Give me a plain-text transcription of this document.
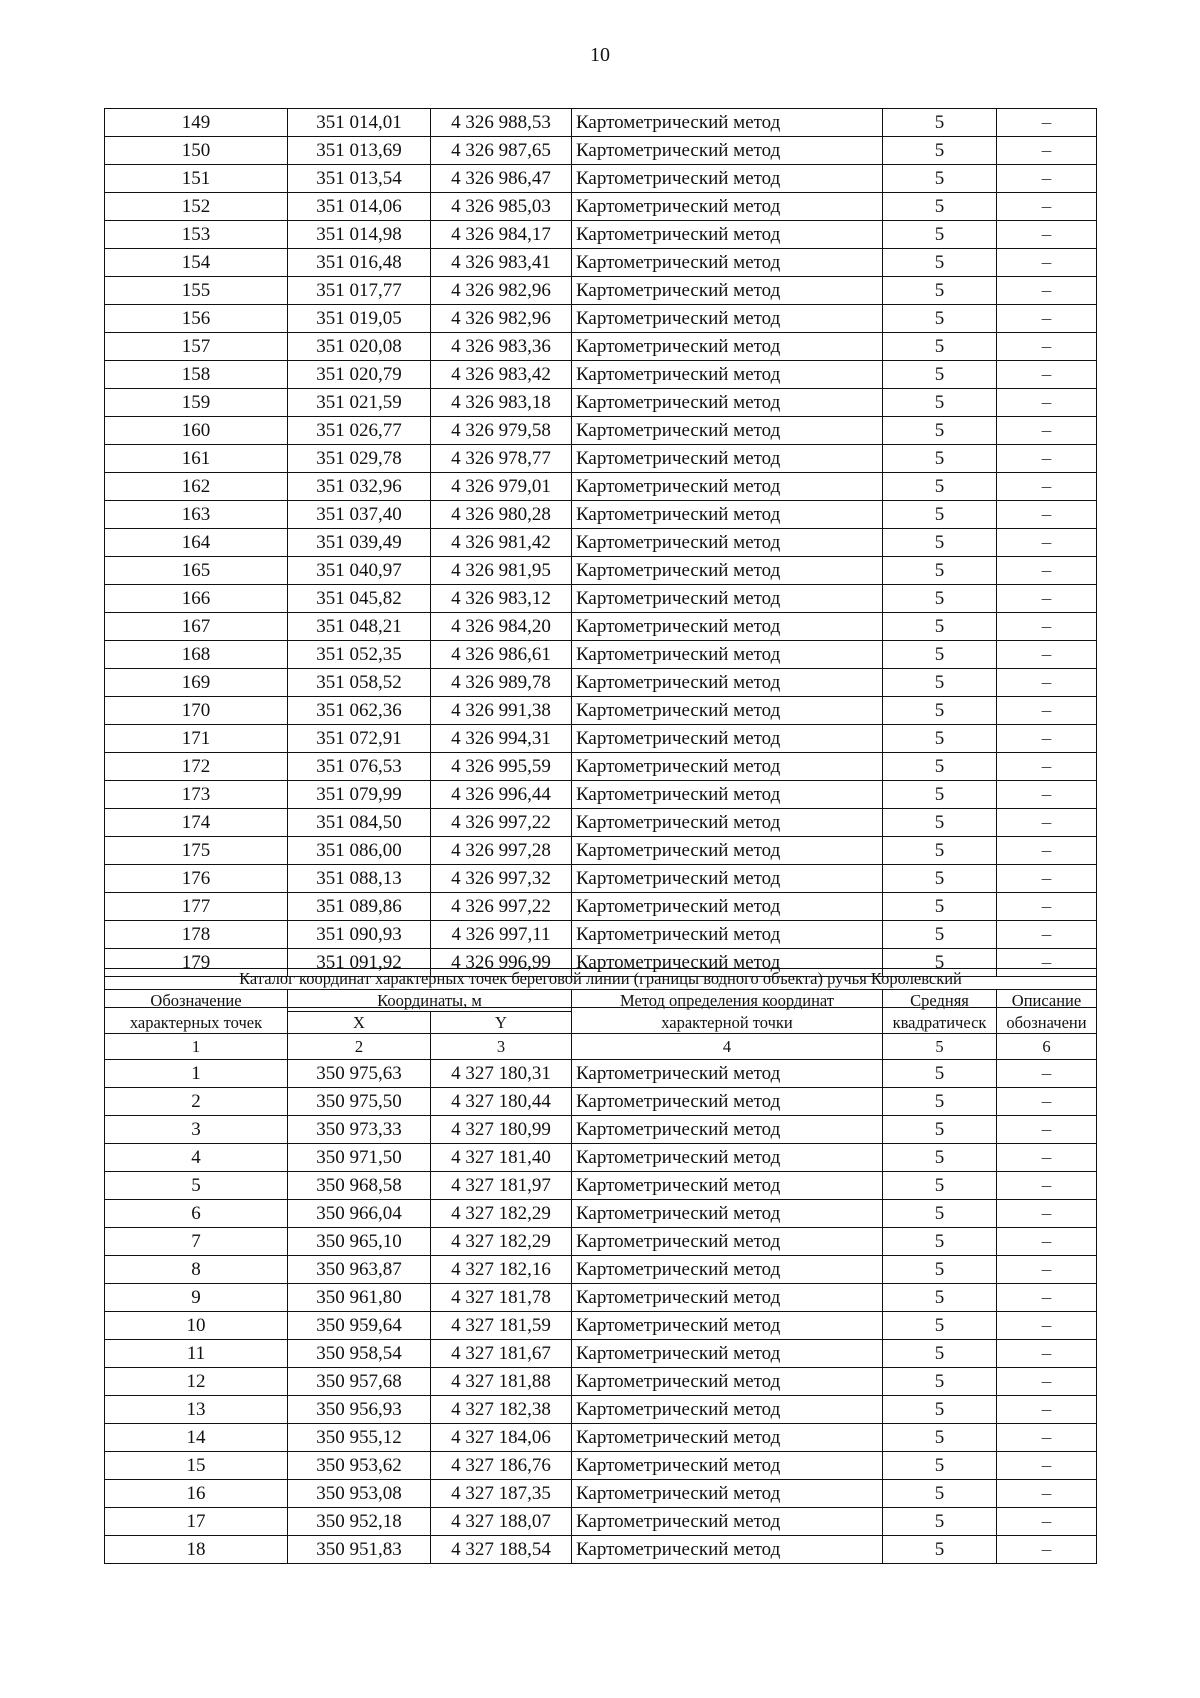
10
149	351 014,01	4 326 988,53	Картометрический метод	5	–
150	351 013,69	4 326 987,65	Картометрический метод	5	–
151	351 013,54	4 326 986,47	Картометрический метод	5	–
152	351 014,06	4 326 985,03	Картометрический метод	5	–
153	351 014,98	4 326 984,17	Картометрический метод	5	–
154	351 016,48	4 326 983,41	Картометрический метод	5	–
155	351 017,77	4 326 982,96	Картометрический метод	5	–
156	351 019,05	4 326 982,96	Картометрический метод	5	–
157	351 020,08	4 326 983,36	Картометрический метод	5	–
158	351 020,79	4 326 983,42	Картометрический метод	5	–
159	351 021,59	4 326 983,18	Картометрический метод	5	–
160	351 026,77	4 326 979,58	Картометрический метод	5	–
161	351 029,78	4 326 978,77	Картометрический метод	5	–
162	351 032,96	4 326 979,01	Картометрический метод	5	–
163	351 037,40	4 326 980,28	Картометрический метод	5	–
164	351 039,49	4 326 981,42	Картометрический метод	5	–
165	351 040,97	4 326 981,95	Картометрический метод	5	–
166	351 045,82	4 326 983,12	Картометрический метод	5	–
167	351 048,21	4 326 984,20	Картометрический метод	5	–
168	351 052,35	4 326 986,61	Картометрический метод	5	–
169	351 058,52	4 326 989,78	Картометрический метод	5	–
170	351 062,36	4 326 991,38	Картометрический метод	5	–
171	351 072,91	4 326 994,31	Картометрический метод	5	–
172	351 076,53	4 326 995,59	Картометрический метод	5	–
173	351 079,99	4 326 996,44	Картометрический метод	5	–
174	351 084,50	4 326 997,22	Картометрический метод	5	–
175	351 086,00	4 326 997,28	Картометрический метод	5	–
176	351 088,13	4 326 997,32	Картометрический метод	5	–
177	351 089,86	4 326 997,22	Картометрический метод	5	–
178	351 090,93	4 326 997,11	Картометрический метод	5	–
179	351 091,92	4 326 996,99	Картометрический метод	5	–

Каталог координат характерных точек береговой линии (границы водного объекта) ручья Королевский					
Обозначение	Координаты, м		Метод определения координат	Средняя	Описание
характерных точек	X	Y	характерной точки	квадратическ	обозначени
1	2	3	4	5	6
1	350 975,63	4 327 180,31	Картометрический метод	5	–
2	350 975,50	4 327 180,44	Картометрический метод	5	–
3	350 973,33	4 327 180,99	Картометрический метод	5	–
4	350 971,50	4 327 181,40	Картометрический метод	5	–
5	350 968,58	4 327 181,97	Картометрический метод	5	–
6	350 966,04	4 327 182,29	Картометрический метод	5	–
7	350 965,10	4 327 182,29	Картометрический метод	5	–
8	350 963,87	4 327 182,16	Картометрический метод	5	–
9	350 961,80	4 327 181,78	Картометрический метод	5	–
10	350 959,64	4 327 181,59	Картометрический метод	5	–
11	350 958,54	4 327 181,67	Картометрический метод	5	–
12	350 957,68	4 327 181,88	Картометрический метод	5	–
13	350 956,93	4 327 182,38	Картометрический метод	5	–
14	350 955,12	4 327 184,06	Картометрический метод	5	–
15	350 953,62	4 327 186,76	Картометрический метод	5	–
16	350 953,08	4 327 187,35	Картометрический метод	5	–
17	350 952,18	4 327 188,07	Картометрический метод	5	–
18	350 951,83	4 327 188,54	Картометрический метод	5	–
